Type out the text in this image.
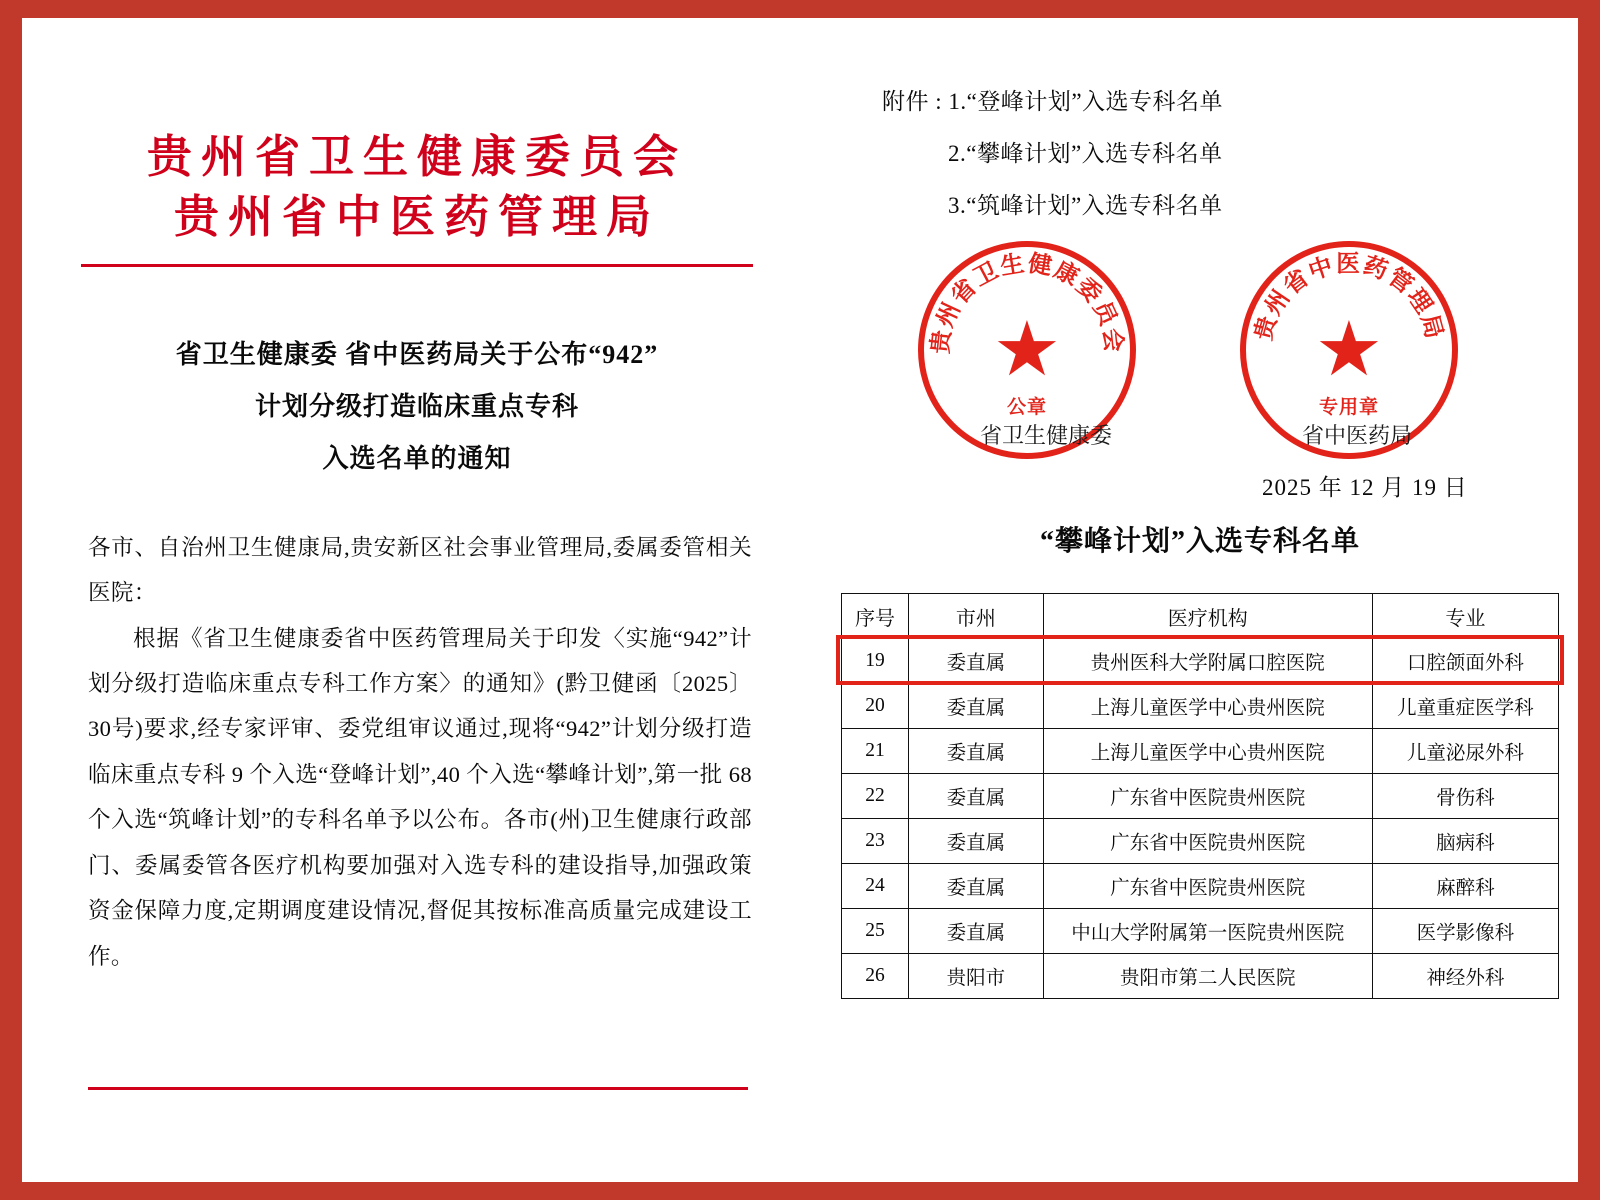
贵州省卫生健康委员会
贵州省中医药管理局
省卫生健康委 省中医药局关于公布“942”
计划分级打造临床重点专科
入选名单的通知

各市、自治州卫生健康局,贵安新区社会事业管理局,委属委管相关医院：

根据《省卫生健康委省中医药管理局关于印发〈实施“942”计划分级打造临床重点专科工作方案〉的通知》(黔卫健函〔2025〕30号)要求,经专家评审、委党组审议通过,现将“942”计划分级打造临床重点专科 9 个入选“登峰计划”,40 个入选“攀峰计划”,第一批 68 个入选“筑峰计划”的专科名单予以公布。各市(州)卫生健康行政部门、委属委管各医疗机构要加强对入选专科的建设指导,加强政策资金保障力度,定期调度建设情况,督促其按标准高质量完成建设工作。

附件 : 1.“登峰计划”入选专科名单
2.“攀峰计划”入选专科名单
3.“筑峰计划”入选专科名单
贵州省卫生健康委员会
★
公章
贵州省中医药管理局
★
专用章
省卫生健康委	省中医药局
2025 年 12 月 19 日
“攀峰计划”入选专科名单
序号	市州	医疗机构	专业
19	委直属	贵州医科大学附属口腔医院	口腔颌面外科
20	委直属	上海儿童医学中心贵州医院	儿童重症医学科
21	委直属	上海儿童医学中心贵州医院	儿童泌尿外科
22	委直属	广东省中医院贵州医院	骨伤科
23	委直属	广东省中医院贵州医院	脑病科
24	委直属	广东省中医院贵州医院	麻醉科
25	委直属	中山大学附属第一医院贵州医院	医学影像科
26	贵阳市	贵阳市第二人民医院	神经外科
